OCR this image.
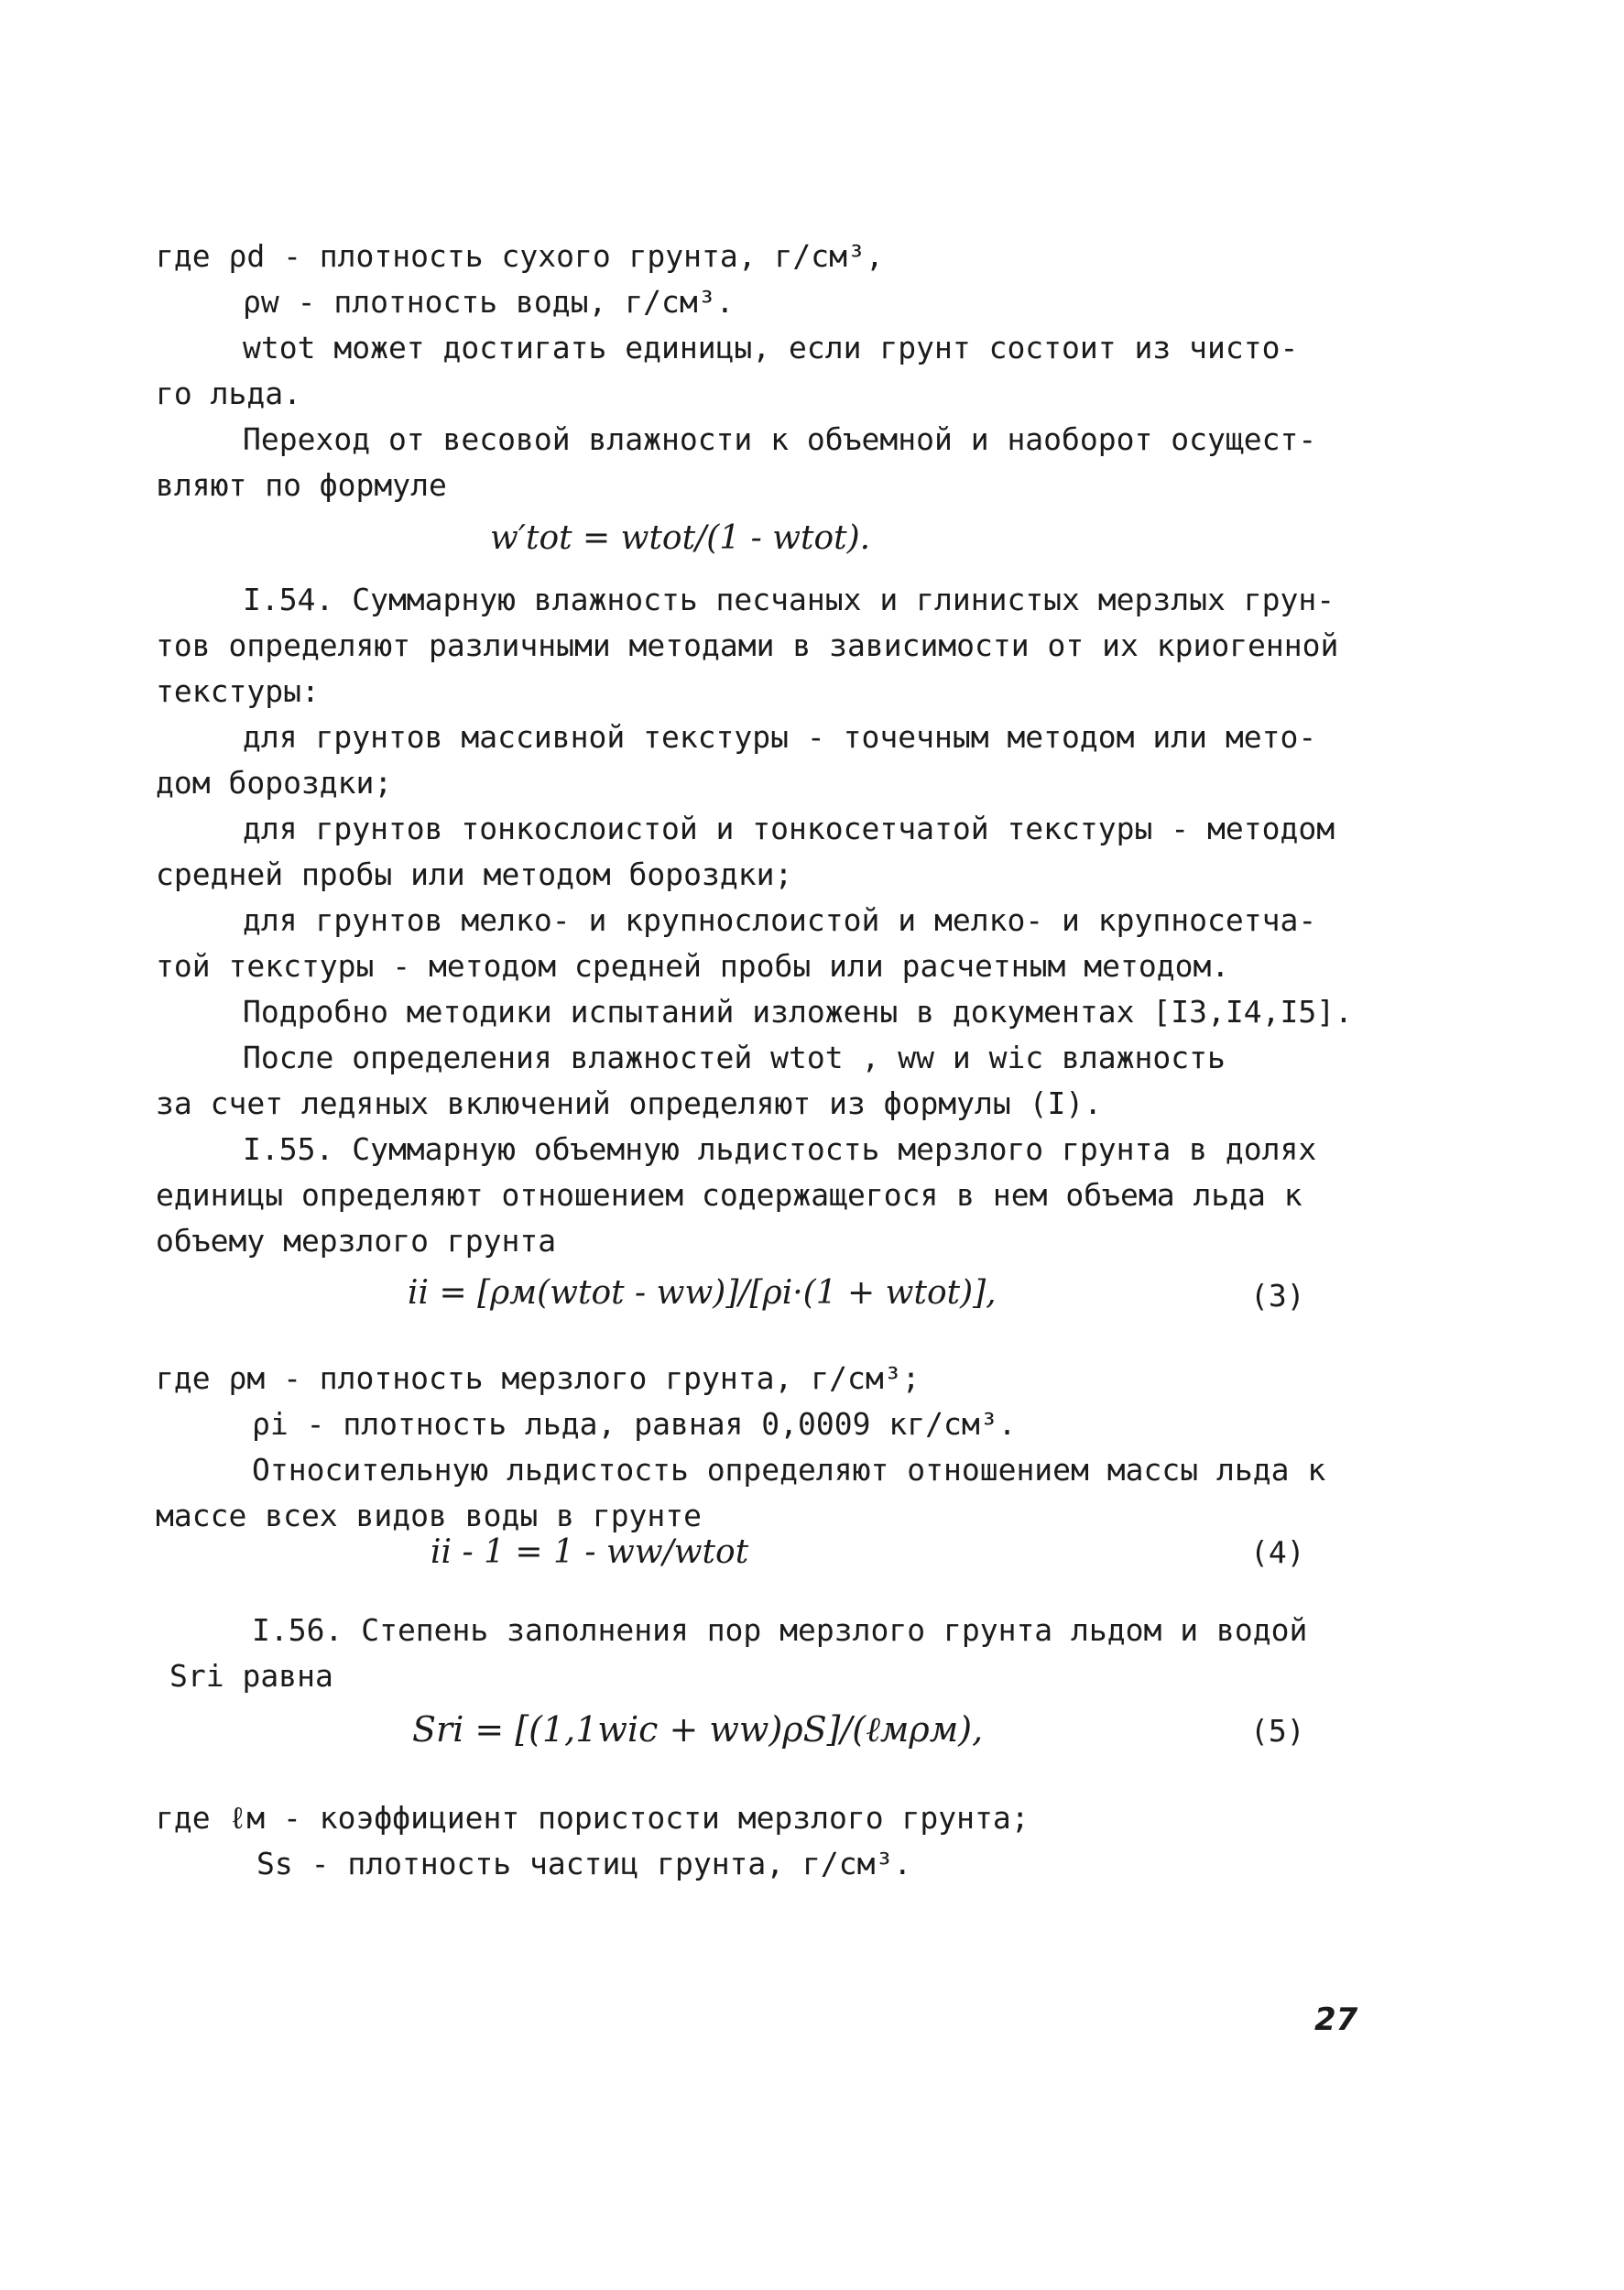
где ρd - плотность сухого грунта, г/см³,
ρw - плотность воды, г/см³.
wtot может достигать единицы, если грунт состоит из чисто-
го льда.
Переход от весовой влажности к объемной и наоборот осущест-
вляют по формуле
w′tot = wtot/(1 - wtot).
I.54. Суммарную влажность песчаных и глинистых мерзлых грун-
тов определяют различными методами в зависимости от их криогенной
текстуры:
для грунтов массивной текстуры - точечным методом или мето-
дом бороздки;
для грунтов тонкослоистой и тонкосетчатой текстуры - методом
средней пробы или методом бороздки;
для грунтов мелко- и крупнослоистой и мелко- и крупносетча-
той текстуры - методом средней пробы или расчетным методом.
Подробно методики испытаний изложены в документах [I3,I4,I5].
После определения влажностей wtot , ww и wic влажность
за счет ледяных включений определяют из формулы (I).
I.55. Суммарную объемную льдистость мерзлого грунта в долях
единицы определяют отношением содержащегося в нем объема льда к
объему мерзлого грунта
ii = [ρм(wtot - ww)]/[ρi·(1 + wtot)],	(3)
где ρм - плотность мерзлого грунта, г/см³;
ρi - плотность льда, равная 0,0009 кг/см³.
Относительную льдистость определяют отношением массы льда к
массе всех видов воды в грунте
ii - 1 = 1 - ww/wtot	(4)
I.56. Степень заполнения пор мерзлого грунта льдом и водой
Sri равна
Sri = [(1,1wic + ww)ρS]/(ℓмρм),	(5)
где ℓм - коэффициент пористости мерзлого грунта;
Ss - плотность частиц грунта, г/см³.
27
